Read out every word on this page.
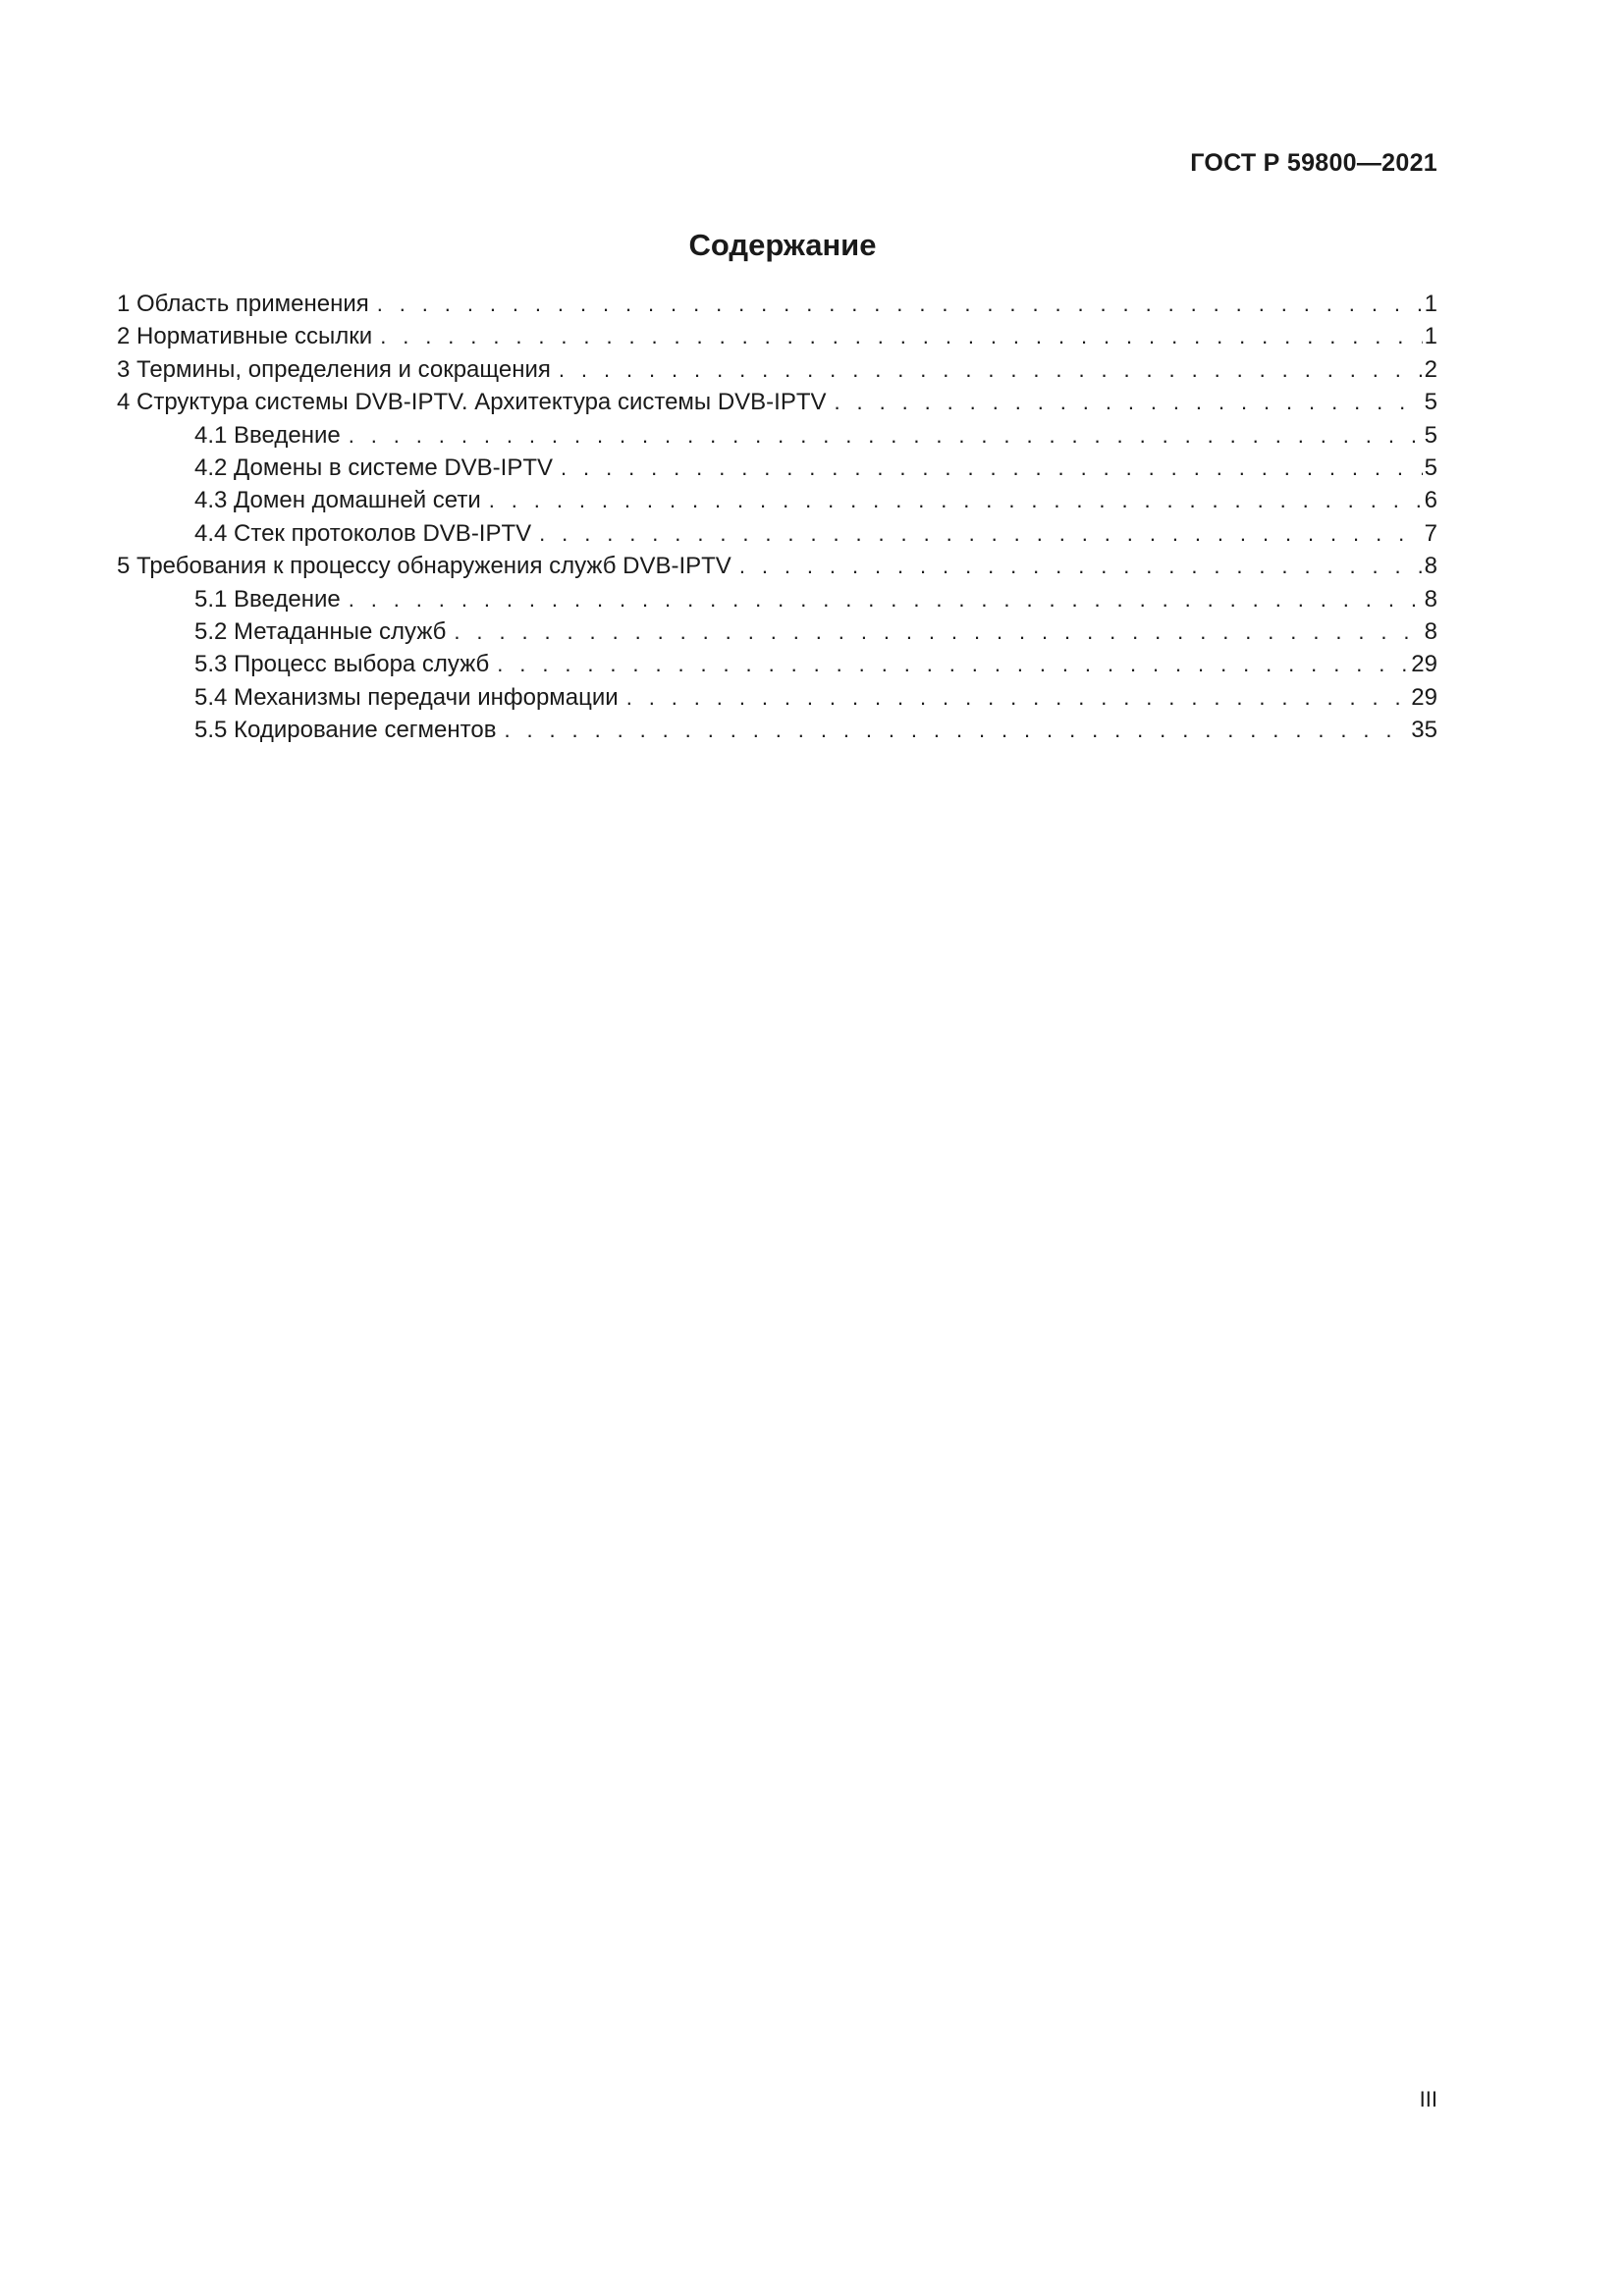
ГОСТ Р 59800—2021
Содержание
1 Область применения . . .	1
2 Нормативные ссылки . . .	1
3 Термины, определения и сокращения . . .	2
4 Структура системы DVB-IPTV. Архитектура системы DVB-IPTV . . .	5
4.1 Введение . . .	5
4.2 Домены в системе DVB-IPTV . . .	5
4.3 Домен домашней сети . . .	6
4.4 Стек протоколов DVB-IPTV . . .	7
5 Требования к процессу обнаружения служб DVB-IPTV . . .	8
5.1 Введение . . .	8
5.2 Метаданные служб . . .	8
5.3 Процесс выбора служб . . .	29
5.4 Механизмы передачи информации . . .	29
5.5 Кодирование сегментов . . .	35
III
